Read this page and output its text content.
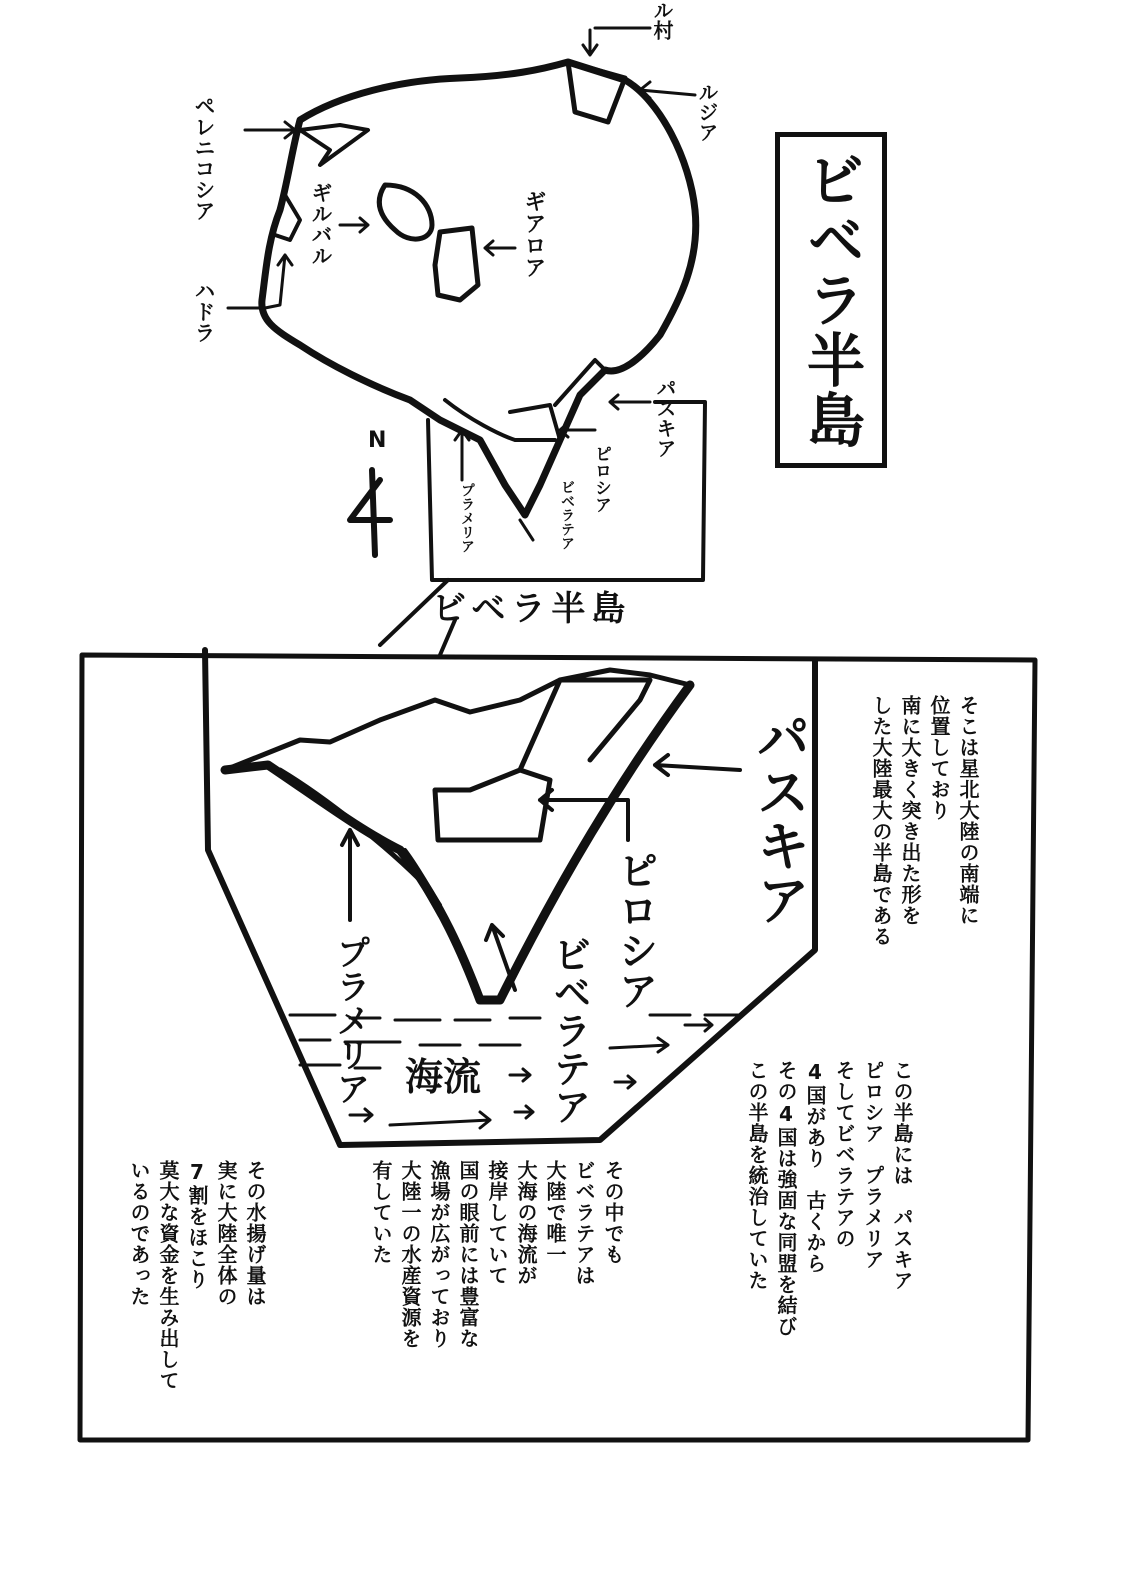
ビベラ半島
N
ル村
ルジア
ペレニコシア
ギルバル	ギアロア
ハドラ
パスキア
ピロシア
ビベラテア
プラメリア
ビベラ半島
パスキア
ピロシア
ビベラテア
プラメリア 海流
そこは星北大陸の南端に
位置しており
南に大きく突き出た形を
した大陸最大の半島である
この半島には　パスキア
ピロシア　プラメリア
そしてビベラテアの
4国があり　古くから
その4国は強固な同盟を結び
この半島を統治していた
その中でも
ビベラテアは
大陸で唯一
大海の海流が
接岸していて
国の眼前には豊富な
漁場が広がっており
大陸一の水産資源を
有していた
その水揚げ量は
実に大陸全体の
7割をほこり
莫大な資金を生み出して
いるのであった
